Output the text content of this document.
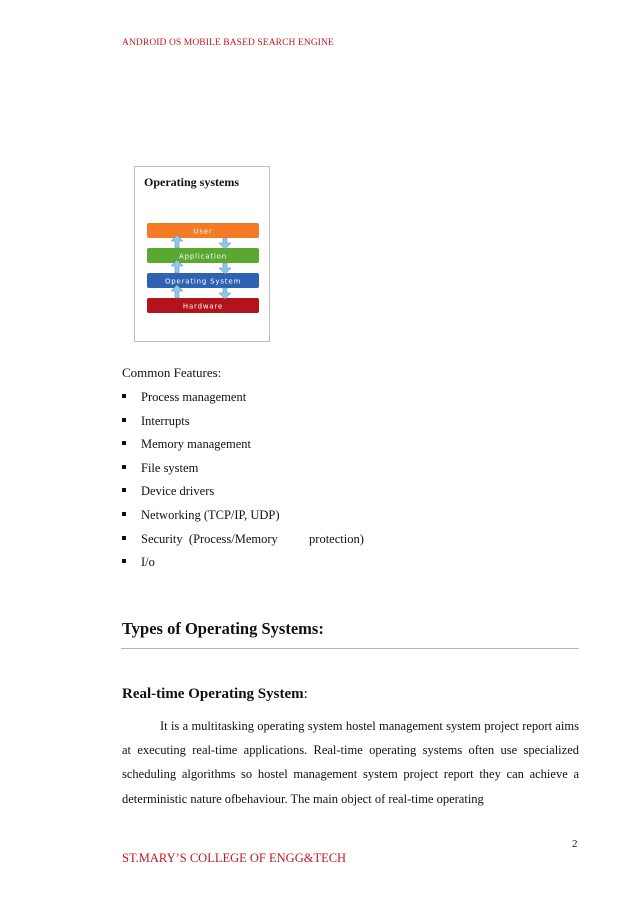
ANDROID OS MOBILE BASED SEARCH ENGINE
Operating systems
User
Application
Operating System
Hardware
Common Features:
Process management
Interrupts
Memory management
File system
Device drivers
Networking (TCP/IP, UDP)
Security  (Process/Memory          protection)
I/o
Types of Operating Systems:
Real-time Operating System:

It is a multitasking operating system hostel management system project report aims at executing real-time applications. Real-time operating systems often use specialized scheduling algorithms so hostel management system project report they can achieve a deterministic nature ofbehaviour. The main object of real-time operating

2
ST.MARY’S COLLEGE OF ENGG&TECH
